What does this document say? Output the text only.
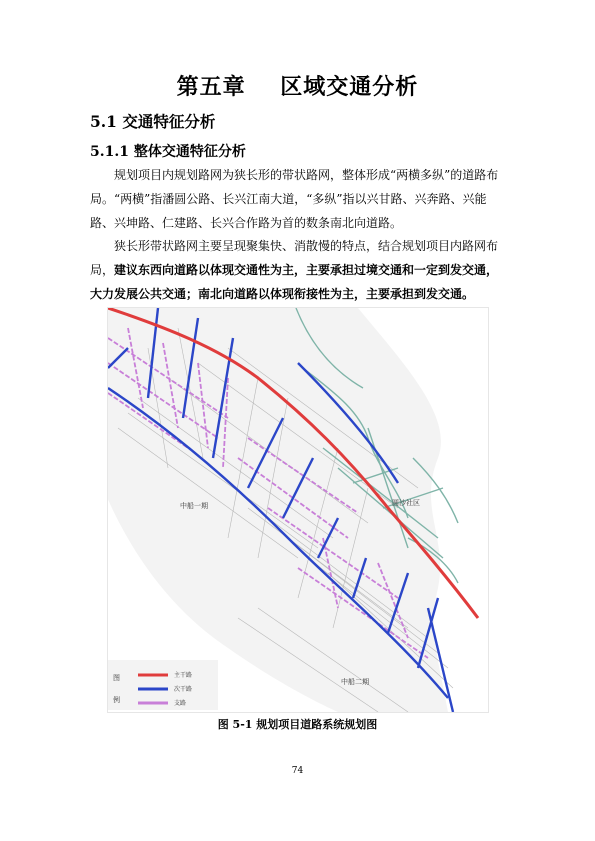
第五章    区域交通分析
5.1 交通特征分析
5.1.1 整体交通特征分析
规划项目内规划路网为狭长形的带状路网，整体形成“两横多纵”的道路布局。“两横”指潘圆公路、长兴江南大道，“多纵”指以兴甘路、兴奔路、兴能路、兴坤路、仁建路、长兴合作路为首的数条南北向道路。
狭长形带状路网主要呈现聚集快、消散慢的特点，结合规划项目内路网布局，建议东西向道路以体现交通性为主，主要承担过境交通和一定到发交通，大力发展公共交通；南北向道路以体现衔接性为主，主要承担到发交通。
中船一期	圆沙社区
中船二期
图
例
主干路
次干路
支路
图 5-1 规划项目道路系统规划图
74
